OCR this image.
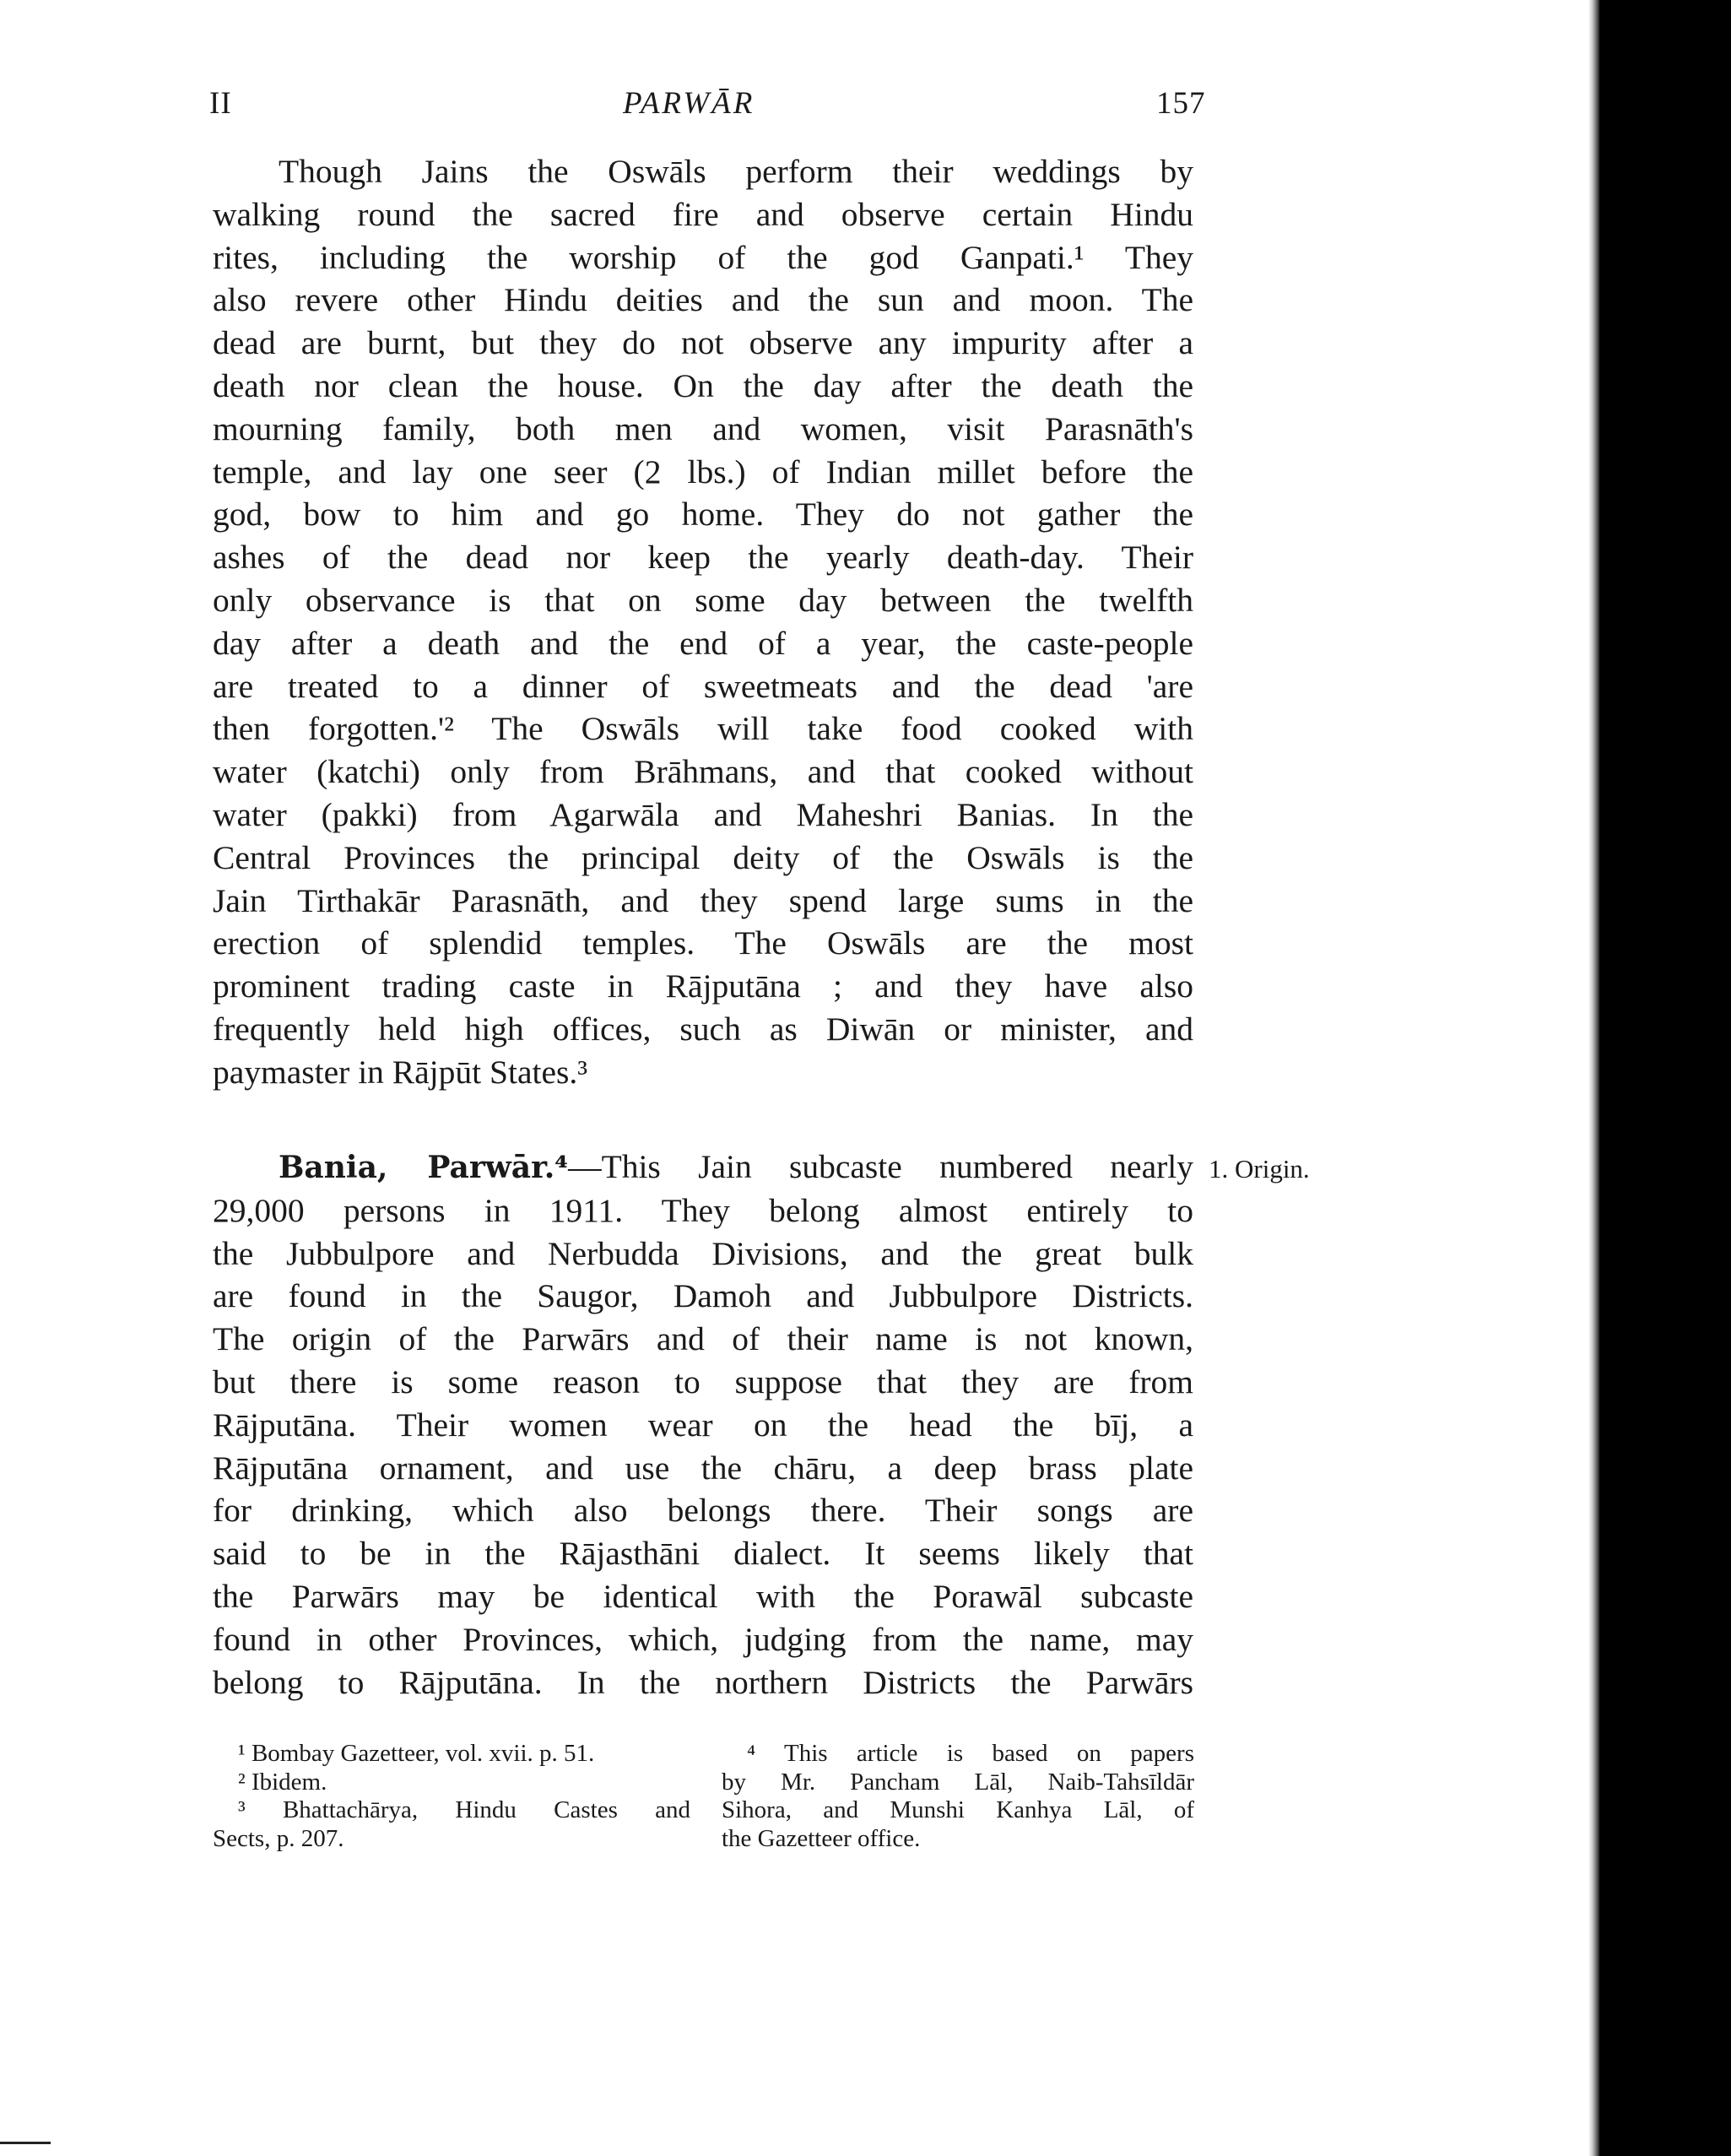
II	PARWĀR	157
Though Jains the Oswāls perform their weddings by
walking round the sacred fire and observe certain Hindu
rites, including the worship of the god Ganpati.¹ They
also revere other Hindu deities and the sun and moon. The
dead are burnt, but they do not observe any impurity after a
death nor clean the house. On the day after the death the
mourning family, both men and women, visit Parasnāth's
temple, and lay one seer (2 lbs.) of Indian millet before the
god, bow to him and go home. They do not gather the
ashes of the dead nor keep the yearly death-day. Their
only observance is that on some day between the twelfth
day after a death and the end of a year, the caste-people
are treated to a dinner of sweetmeats and the dead 'are
then forgotten.'² The Oswāls will take food cooked with
water (katchi) only from Brāhmans, and that cooked without
water (pakki) from Agarwāla and Maheshri Banias. In the
Central Provinces the principal deity of the Oswāls is the
Jain Tirthakār Parasnāth, and they spend large sums in the
erection of splendid temples. The Oswāls are the most
prominent trading caste in Rājputāna ; and they have also
frequently held high offices, such as Diwān or minister, and
paymaster in Rājpūt States.³
Bania, Parwār.⁴—This Jain subcaste numbered nearly
29,000 persons in 1911. They belong almost entirely to
the Jubbulpore and Nerbudda Divisions, and the great bulk
are found in the Saugor, Damoh and Jubbulpore Districts.
The origin of the Parwārs and of their name is not known,
but there is some reason to suppose that they are from
Rājputāna. Their women wear on the head the bīj, a
Rājputāna ornament, and use the chāru, a deep brass plate
for drinking, which also belongs there. Their songs are
said to be in the Rājasthāni dialect. It seems likely that
the Parwārs may be identical with the Porawāl subcaste
found in other Provinces, which, judging from the name, may
belong to Rājputāna. In the northern Districts the Parwārs
1. Origin.
¹ Bombay Gazetteer, vol. xvii. p. 51.
² Ibidem.
³ Bhattachārya, Hindu Castes and
Sects, p. 207.
⁴ This article is based on papers
by Mr. Pancham Lāl, Naib-Tahsīldār
Sihora, and Munshi Kanhya Lāl, of
the Gazetteer office.
